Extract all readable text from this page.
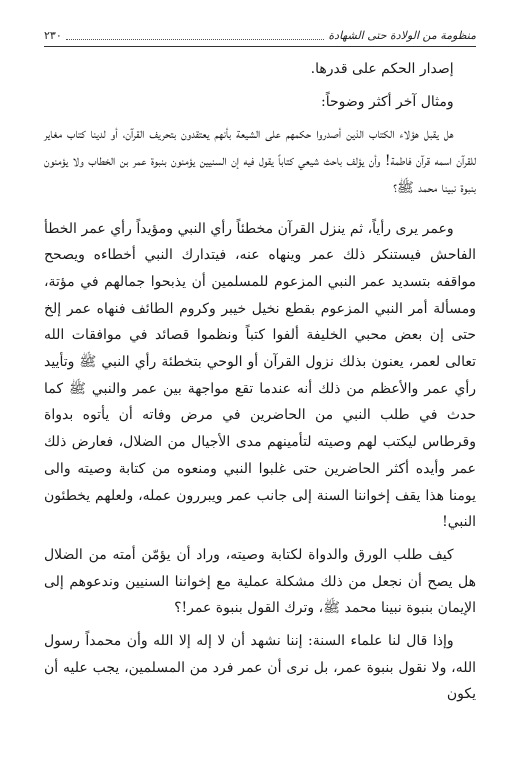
منظومة من الولادة حتى الشهادة
٢٣٠

إصدار الحكم على قدرها.

ومثال آخر أكثر وضوحاً:

هل يقبل هؤلاء الكتاب الذين أصدروا حكمهم على الشيعة بأنهم يعتقدون بتحريف القرآن، أو لدينا كتاب مغاير للقرآن اسمه قرآن فاطمة! وأن يؤلف باحث شيعي كتاباً يقول فيه إن السنيين يؤمنون بنبوة عمر بن الخطاب ولا يؤمنون بنبوة نبينا محمد ﷺ؟

وعمر يرى رأياً، ثم ينزل القرآن مخطئاً رأي النبي ومؤيداً رأي عمر الخطأ الفاحش فيستنكر ذلك عمر وينهاه عنه، فيتدارك النبي أخطاءه ويصحح مواقفه بتسديد عمر النبي المزعوم للمسلمين أن يذبحوا جمالهم في مؤتة، ومسألة أمر النبي المزعوم بقطع نخيل خيبر وكروم الطائف فنهاه عمر إلخ حتى إن بعض محبي الخليفة ألفوا كتباً ونظموا قصائد في موافقات الله تعالى لعمر، يعنون بذلك نزول القرآن أو الوحي بتخطئة رأي النبي ﷺ وتأييد رأي عمر والأعظم من ذلك أنه عندما تقع مواجهة بين عمر والنبي ﷺ كما حدث في طلب النبي من الحاضرين في مرض وفاته أن يأتوه بدواة وقرطاس ليكتب لهم وصيته لتأمينهم مدى الأجيال من الضلال، فعارض ذلك عمر وأيده أكثر الحاضرين حتى غلبوا النبي ومنعوه من كتابة وصيته والى يومنا هذا يقف إخواننا السنة إلى جانب عمر ويبررون عمله، ولعلهم يخطئون النبي!

كيف طلب الورق والدواة لكتابة وصيته، وراد أن يؤمّن أمته من الضلال هل يصح أن نجعل من ذلك مشكلة عملية مع إخواننا السنيين وندعوهم إلى الإيمان بنبوة نبينا محمد ﷺ، وترك القول بنبوة عمر!؟

وإذا قال لنا علماء السنة: إننا نشهد أن لا إله إلا الله وأن محمداً رسول الله، ولا نقول بنبوة عمر، بل نرى أن عمر فرد من المسلمين، يجب عليه أن يكون
